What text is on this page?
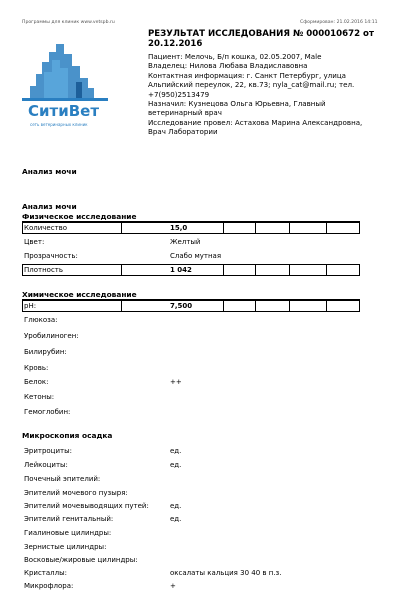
Программы для клиник www.vetspb.ru	Сформирован: 21.02.2016 14:11
СитиВет
сеть ветеринарных клиник
РЕЗУЛЬТАТ ИССЛЕДОВАНИЯ № 000010672 от
20.12.2016
Пациент: Мелочь, Б/п кошка, 02.05.2007, Male
Владелец: Нилова Любава Владиславовна
Контактная информация: г. Санкт Петербург, улица
Альпийский переулок, 22, кв.73; nyla_cat@mail.ru; тел.
+7(950)2513479
Назначил: Кузнецова Ольга Юрьевна, Главный
ветеринарный врач
Исследование провел: Астахова Марина Александровна,
Врач Лаборатории
Анализ мочи
Анализ мочи
Физическое исследование
Количество	15,0
Цвет:	Желтый
Прозрачность:	Слабо мутная
Плотность	1 042
Химическое исследование
pH:	7,500
Глюкоза:
Уробилиноген:
Билирубин:
Кровь:
Белок:	++
Кетоны:
Гемоглобин:
Микроскопия осадка
Эритроциты:	ед.
Лейкоциты:	ед.
Почечный эпителий:
Эпителий мочевого пузыря:
Эпителий мочевыводящих путей:	ед.
Эпителий генитальный:	ед.
Гиалиновые цилиндры:
Зернистые цилиндры:
Восковые/жировые цилиндры:
Кристаллы:	оксалаты кальция 30 40 в п.з.
Микрофлора:	+
